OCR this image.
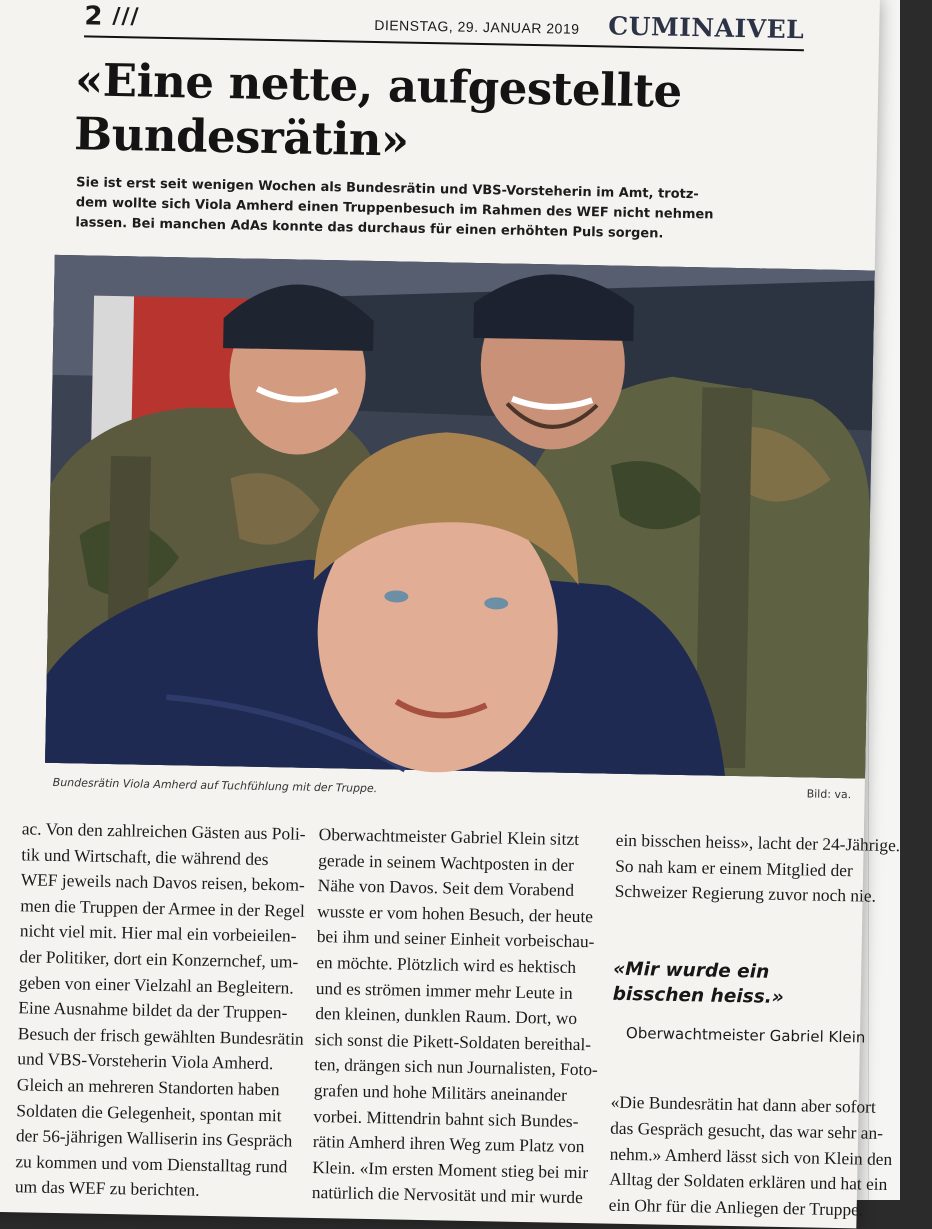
2 ///	DIENSTAG, 29. JANUAR 2019 CUMINAIVEL
«Eine nette, aufgestellte
Bundesrätin»
Sie ist erst seit wenigen Wochen als Bundesrätin und VBS-Vorsteherin im Amt, trotz-
dem wollte sich Viola Amherd einen Truppenbesuch im Rahmen des WEF nicht nehmen
lassen. Bei manchen AdAs konnte das durchaus für einen erhöhten Puls sorgen.
Bundesrätin Viola Amherd auf Tuchfühlung mit der Truppe.	Bild: va.

ac. Von den zahlreichen Gästen aus Poli-

tik und Wirtschaft, die während des

WEF jeweils nach Davos reisen, bekom-

men die Truppen der Armee in der Regel

nicht viel mit. Hier mal ein vorbeieilen-

der Politiker, dort ein Konzernchef, um-

geben von einer Vielzahl an Begleitern.

Eine Ausnahme bildet da der Truppen-

Besuch der frisch gewählten Bundesrätin

und VBS-Vorsteherin Viola Amherd.

Gleich an mehreren Standorten haben

Soldaten die Gelegenheit, spontan mit

der 56-jährigen Walliserin ins Gespräch

zu kommen und vom Dienstalltag rund

um das WEF zu berichten.

Oberwachtmeister Gabriel Klein sitzt

gerade in seinem Wachtposten in der

Nähe von Davos. Seit dem Vorabend

wusste er vom hohen Besuch, der heute

bei ihm und seiner Einheit vorbeischau-

en möchte. Plötzlich wird es hektisch

und es strömen immer mehr Leute in

den kleinen, dunklen Raum. Dort, wo

sich sonst die Pikett-Soldaten bereithal-

ten, drängen sich nun Journalisten, Foto-

grafen und hohe Militärs aneinander

vorbei. Mittendrin bahnt sich Bundes-

rätin Amherd ihren Weg zum Platz von

Klein. «Im ersten Moment stieg bei mir

natürlich die Nervosität und mir wurde

ein bisschen heiss», lacht der 24-Jährige.

So nah kam er einem Mitglied der

Schweizer Regierung zuvor noch nie.

«Mir wurde ein
bisschen heiss.»
Oberwachtmeister Gabriel Klein

«Die Bundesrätin hat dann aber sofort

das Gespräch gesucht, das war sehr an-

nehm.» Amherd lässt sich von Klein den

Alltag der Soldaten erklären und hat ein

ein Ohr für die Anliegen der Truppe.
